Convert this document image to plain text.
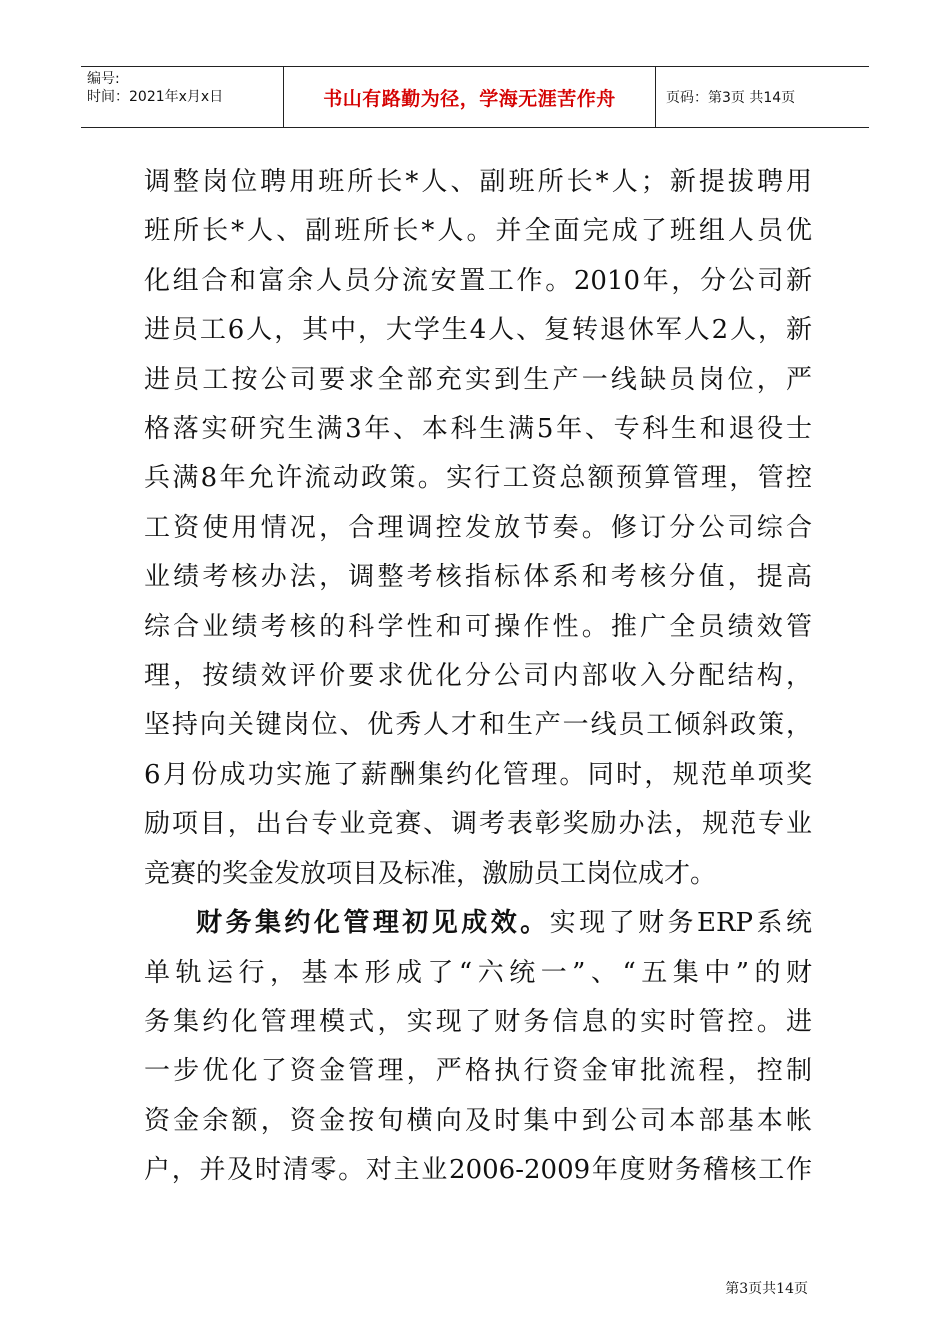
编号:
时间：2021年x月x日	书山有路勤为径，学海无涯苦作舟	页码：第3页 共14页

调整岗位聘用班所长*人、副班所长*人；新提拔聘用
班所长*人、副班所长*人。并全面完成了班组人员优
化组合和富余人员分流安置工作。2010年，分公司新
进员工6人，其中，大学生4人、复转退休军人2人，新
进员工按公司要求全部充实到生产一线缺员岗位，严
格落实研究生满3年、本科生满5年、专科生和退役士
兵满8年允许流动政策。实行工资总额预算管理，管控
工资使用情况，合理调控发放节奏。修订分公司综合
业绩考核办法，调整考核指标体系和考核分值，提高
综合业绩考核的科学性和可操作性。推广全员绩效管
理，按绩效评价要求优化分公司内部收入分配结构，
坚持向关键岗位、优秀人才和生产一线员工倾斜政策，
6月份成功实施了薪酬集约化管理。同时，规范单项奖
励项目，出台专业竞赛、调考表彰奖励办法，规范专业
竞赛的奖金发放项目及标准，激励员工岗位成才。

财务集约化管理初见成效。实现了财务ERP系统
单轨运行，基本形成了“六统一”、“五集中”的财
务集约化管理模式，实现了财务信息的实时管控。进
一步优化了资金管理，严格执行资金审批流程，控制
资金余额，资金按旬横向及时集中到公司本部基本帐
户，并及时清零。对主业2006-2009年度财务稽核工作

第3页共14页
